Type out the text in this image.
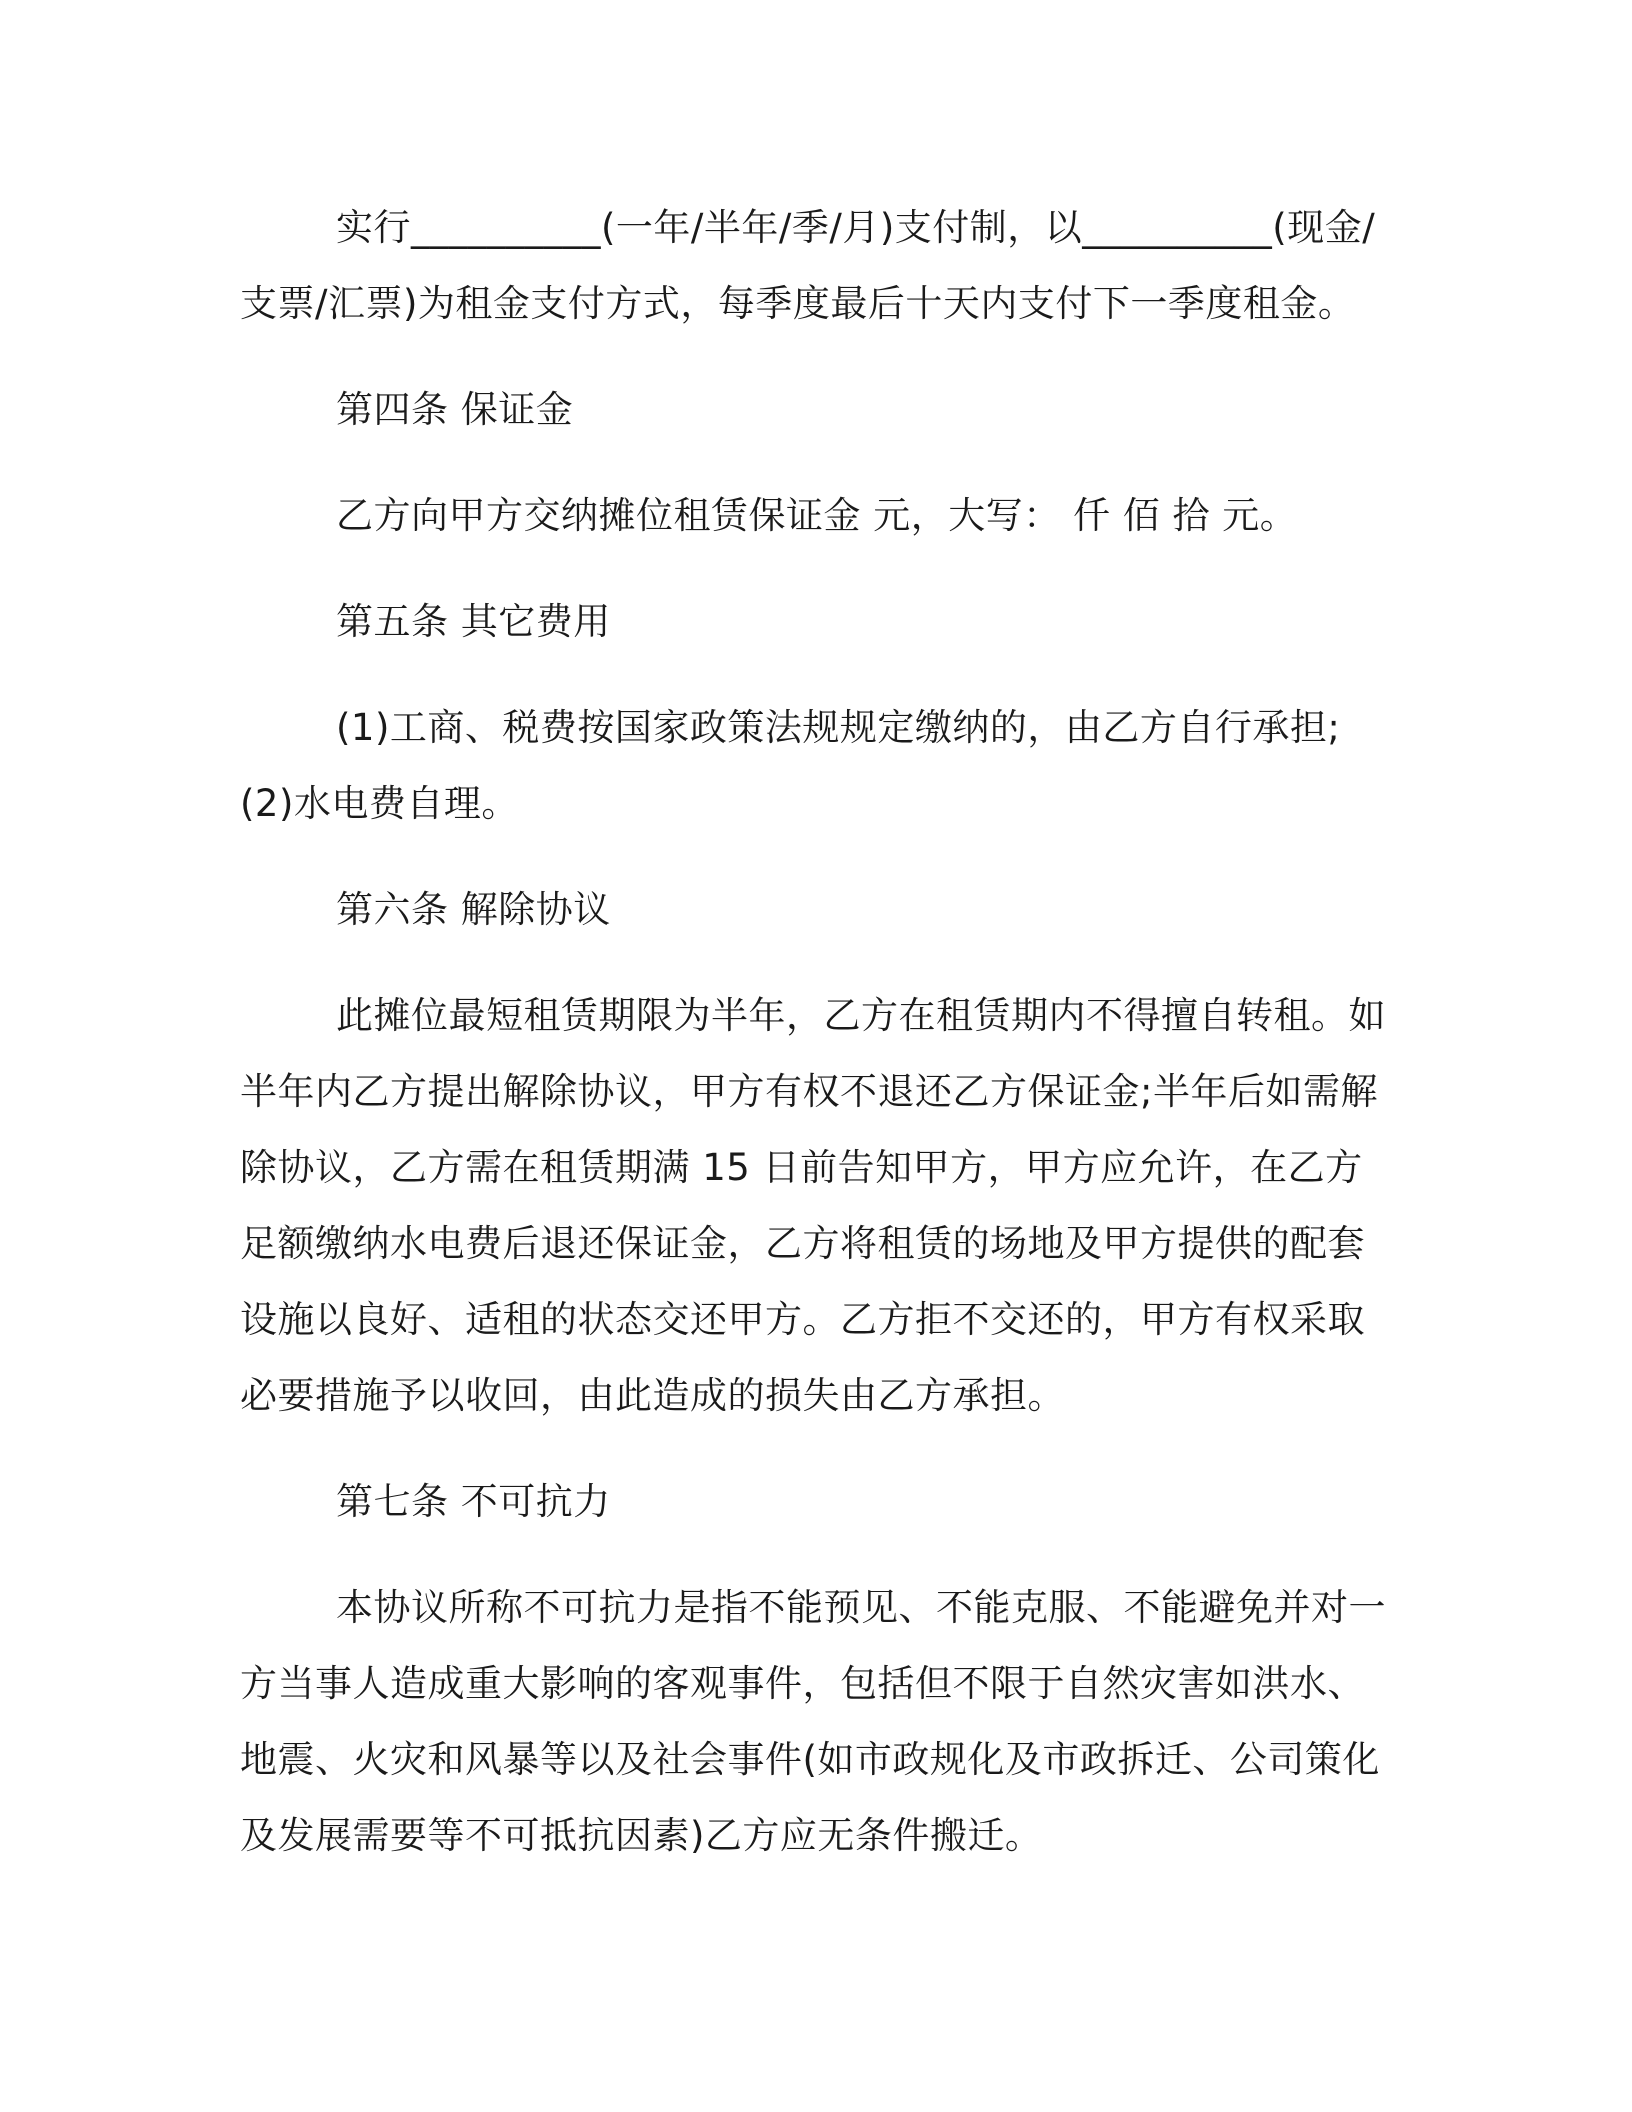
实行__________(一年/半年/季/月)支付制，以__________(现金/支票/汇票)为租金支付方式，每季度最后十天内支付下一季度租金。

第四条 保证金

乙方向甲方交纳摊位租赁保证金 元，大写： 仟 佰 拾 元。

第五条 其它费用

(1)工商、税费按国家政策法规规定缴纳的，由乙方自行承担;(2)水电费自理。

第六条 解除协议

此摊位最短租赁期限为半年，乙方在租赁期内不得擅自转租。如半年内乙方提出解除协议，甲方有权不退还乙方保证金;半年后如需解除协议，乙方需在租赁期满 15 日前告知甲方，甲方应允许，在乙方足额缴纳水电费后退还保证金，乙方将租赁的场地及甲方提供的配套设施以良好、适租的状态交还甲方。乙方拒不交还的，甲方有权采取必要措施予以收回，由此造成的损失由乙方承担。

第七条 不可抗力

本协议所称不可抗力是指不能预见、不能克服、不能避免并对一方当事人造成重大影响的客观事件，包括但不限于自然灾害如洪水、地震、火灾和风暴等以及社会事件(如市政规化及市政拆迁、公司策化及发展需要等不可抵抗因素)乙方应无条件搬迁。
